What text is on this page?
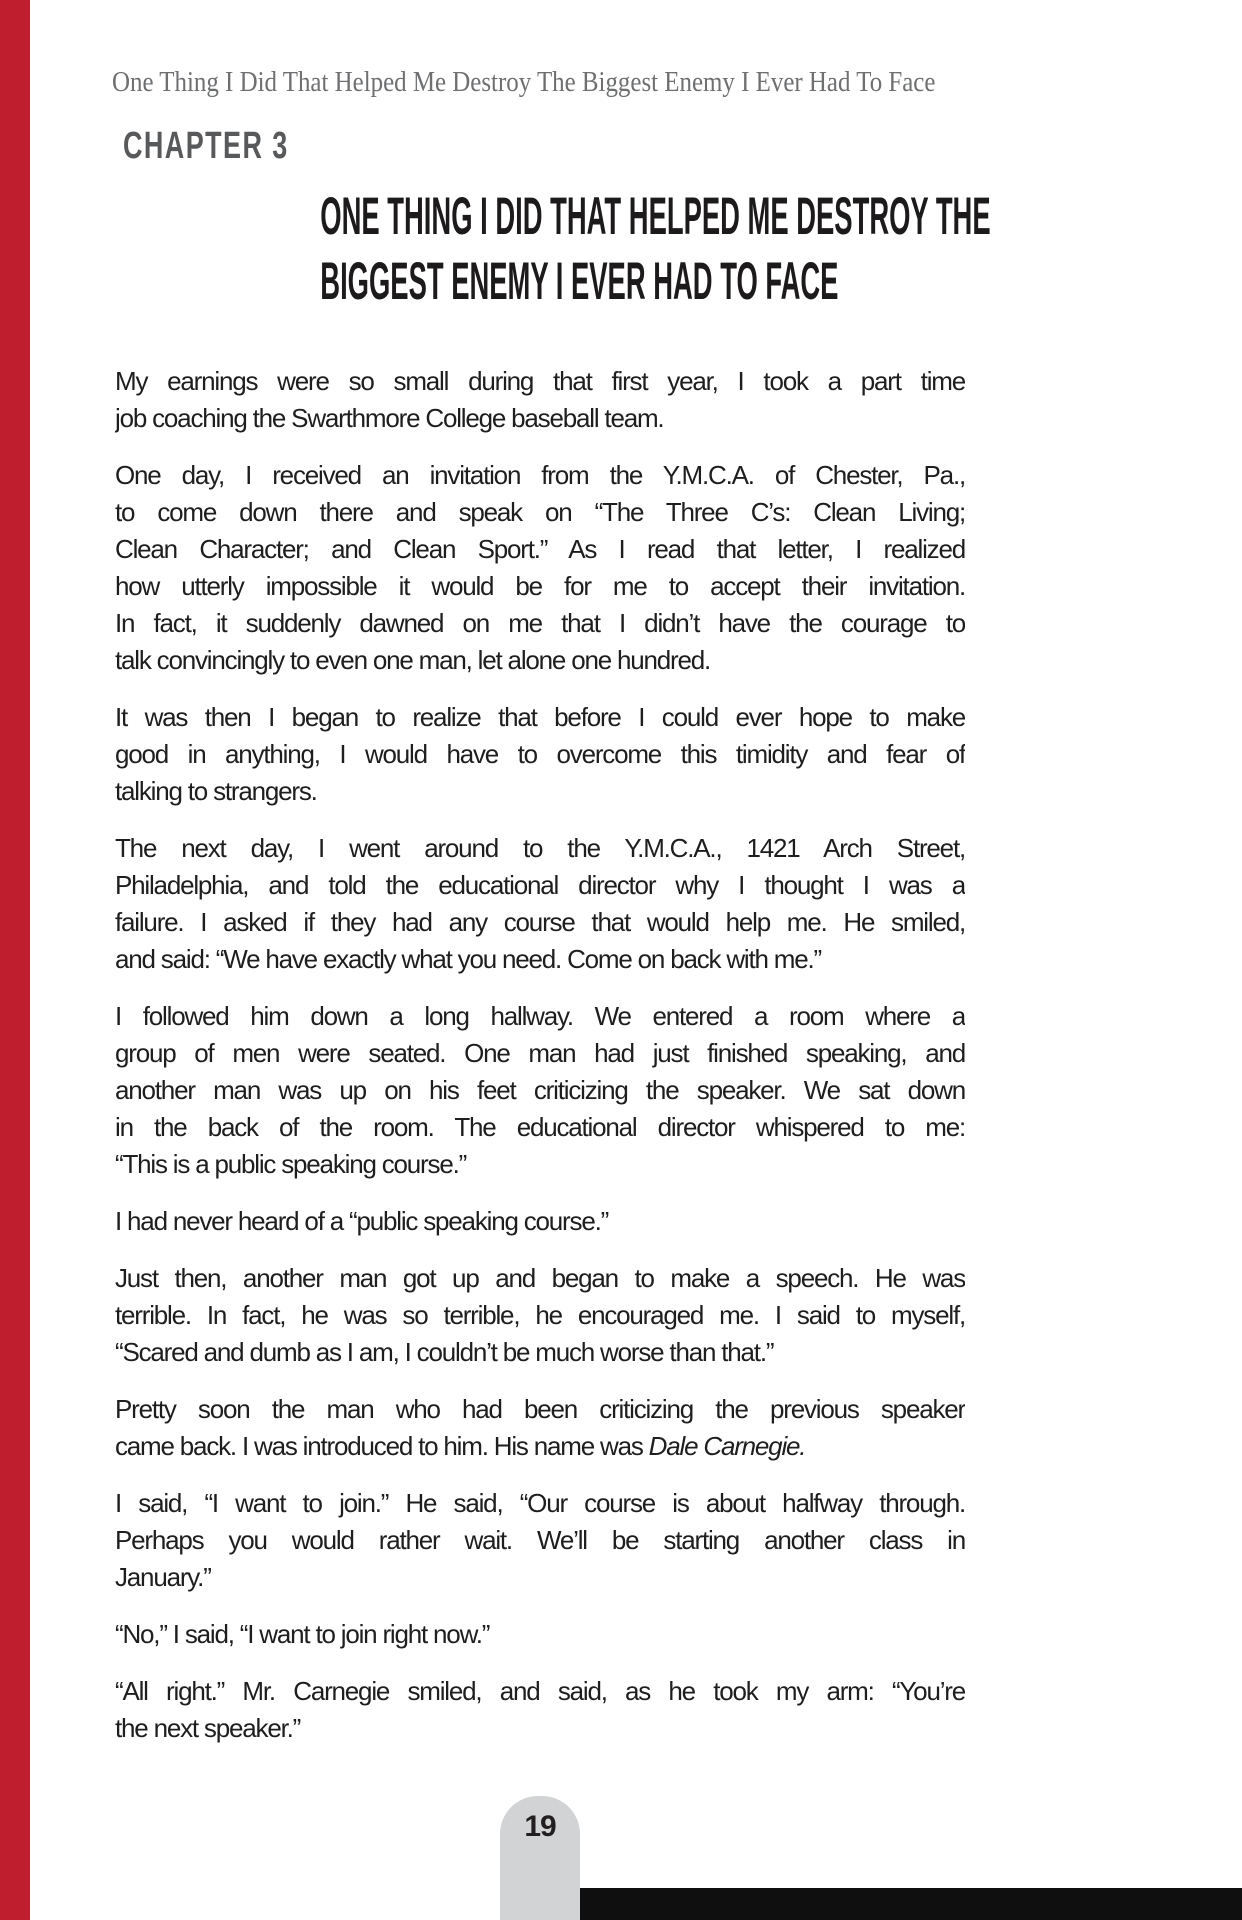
One Thing I Did That Helped Me Destroy The Biggest Enemy I Ever Had To Face
CHAPTER 3
ONE THING I DID THAT HELPED ME DESTROY THE
BIGGEST ENEMY I EVER HAD TO FACE
My earnings were so small during that first year, I took a part time
job coaching the Swarthmore College baseball team.
One day, I received an invitation from the Y.M.C.A. of Chester, Pa.,
to come down there and speak on “The Three C’s: Clean Living;
Clean Character; and Clean Sport.” As I read that letter, I realized
how utterly impossible it would be for me to accept their invitation.
In fact, it suddenly dawned on me that I didn’t have the courage to
talk convincingly to even one man, let alone one hundred.
It was then I began to realize that before I could ever hope to make
good in anything, I would have to overcome this timidity and fear of
talking to strangers.
The next day, I went around to the Y.M.C.A., 1421 Arch Street,
Philadelphia, and told the educational director why I thought I was a
failure. I asked if they had any course that would help me. He smiled,
and said: “We have exactly what you need. Come on back with me.”
I followed him down a long hallway. We entered a room where a
group of men were seated. One man had just finished speaking, and
another man was up on his feet criticizing the speaker. We sat down
in the back of the room. The educational director whispered to me:
“This is a public speaking course.”
I had never heard of a “public speaking course.”
Just then, another man got up and began to make a speech. He was
terrible. In fact, he was so terrible, he encouraged me. I said to myself,
“Scared and dumb as I am, I couldn’t be much worse than that.”
Pretty soon the man who had been criticizing the previous speaker
came back. I was introduced to him. His name was Dale Carnegie.
I said, “I want to join.” He said, “Our course is about halfway through.
Perhaps you would rather wait. We’ll be starting another class in
January.”
“No,” I said, “I want to join right now.”
“All right.” Mr. Carnegie smiled, and said, as he took my arm: “You’re
the next speaker.”
19
